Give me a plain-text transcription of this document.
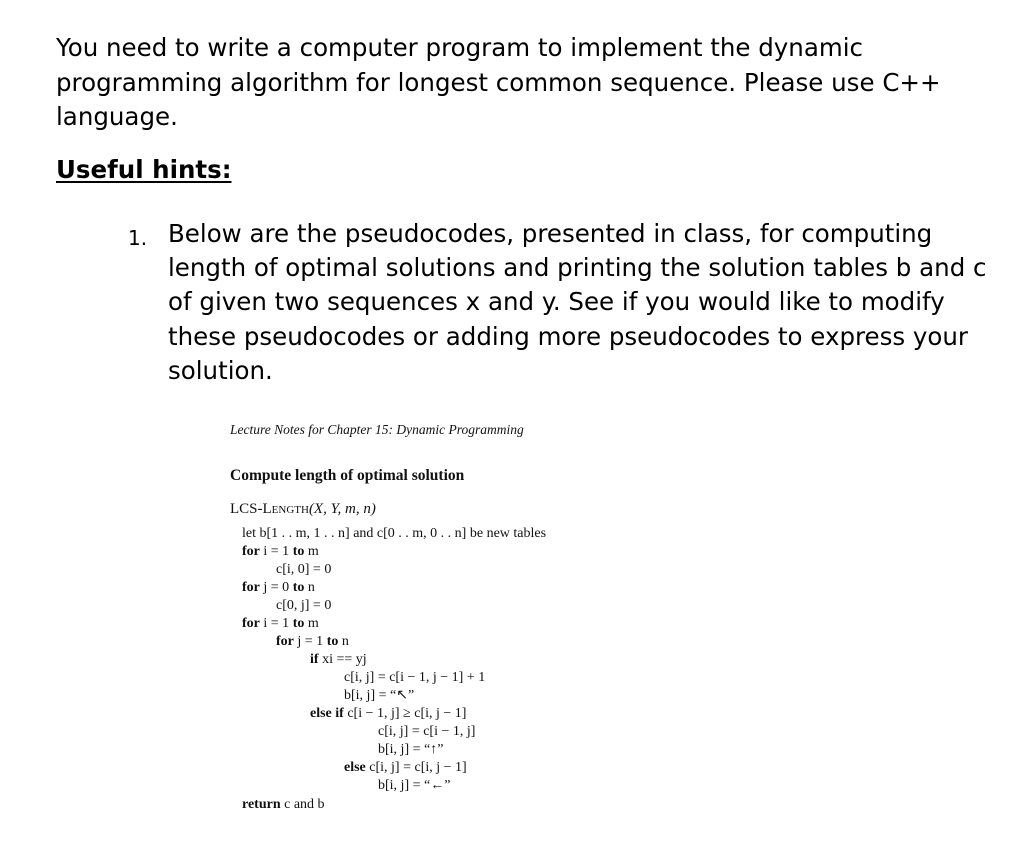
You need to write a computer program to implement the dynamic programming algorithm for longest common sequence. Please use C++ language.

Useful hints:

1. Below are the pseudocodes, presented in class, for computing length of optimal solutions and printing the solution tables b and c of given two sequences x and y. See if you would like to modify these pseudocodes or adding more pseudocodes to express your solution.

Lecture Notes for Chapter 15: Dynamic Programming
Compute length of optimal solution
LCS-Length(X, Y, m, n)
let b[1 . . m, 1 . . n] and c[0 . . m, 0 . . n] be new tables
for i = 1 to m
c[i, 0] = 0
for j = 0 to n
c[0, j] = 0
for i = 1 to m
for j = 1 to n
if xi == yj
c[i, j] = c[i − 1, j − 1] + 1
b[i, j] = “↖”
else if c[i − 1, j] ≥ c[i, j − 1]
c[i, j] = c[i − 1, j]
b[i, j] = “↑”
else c[i, j] = c[i, j − 1]
b[i, j] = “←”
return c and b
